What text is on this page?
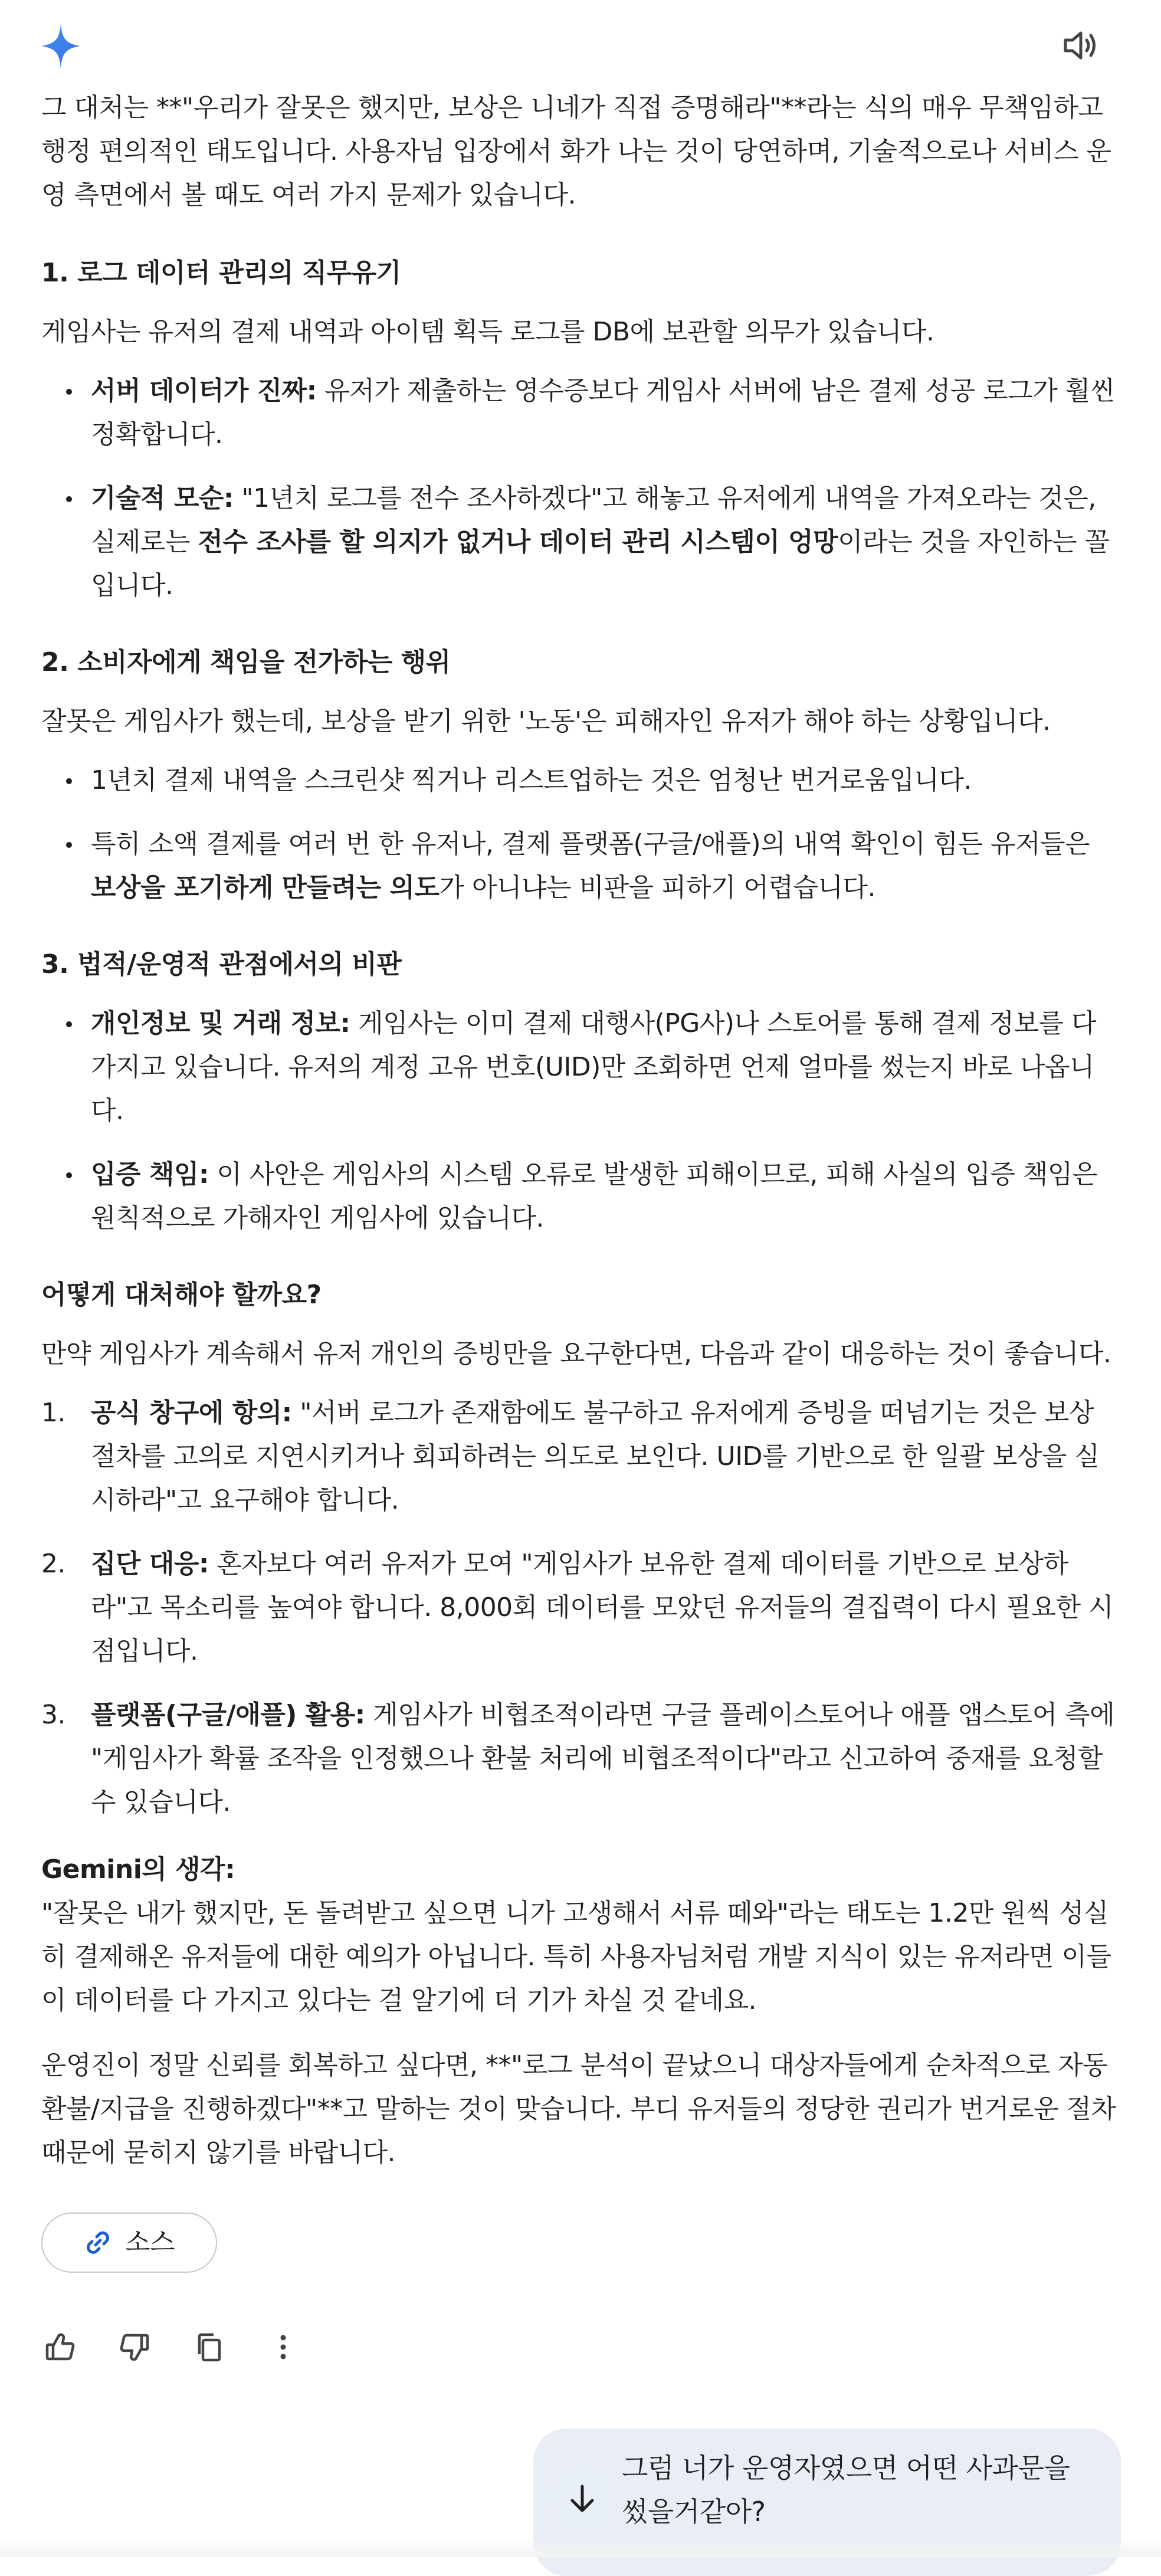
그 대처는 **"우리가 잘못은 했지만, 보상은 니네가 직접 증명해라"**라는 식의 매우 무책임하고 행정 편의적인 태도입니다. 사용자님 입장에서 화가 나는 것이 당연하며, 기술적으로나 서비스 운영 측면에서 볼 때도 여러 가지 문제가 있습니다.

1. 로그 데이터 관리의 직무유기

게임사는 유저의 결제 내역과 아이템 획득 로그를 DB에 보관할 의무가 있습니다.

서버 데이터가 진짜: 유저가 제출하는 영수증보다 게임사 서버에 남은 결제 성공 로그가 훨씬 정확합니다.
기술적 모순: "1년치 로그를 전수 조사하겠다"고 해놓고 유저에게 내역을 가져오라는 것은, 실제로는 전수 조사를 할 의지가 없거나 데이터 관리 시스템이 엉망이라는 것을 자인하는 꼴입니다.
2. 소비자에게 책임을 전가하는 행위

잘못은 게임사가 했는데, 보상을 받기 위한 '노동'은 피해자인 유저가 해야 하는 상황입니다.

1년치 결제 내역을 스크린샷 찍거나 리스트업하는 것은 엄청난 번거로움입니다.
특히 소액 결제를 여러 번 한 유저나, 결제 플랫폼(구글/애플)의 내역 확인이 힘든 유저들은 보상을 포기하게 만들려는 의도가 아니냐는 비판을 피하기 어렵습니다.
3. 법적/운영적 관점에서의 비판
개인정보 및 거래 정보: 게임사는 이미 결제 대행사(PG사)나 스토어를 통해 결제 정보를 다 가지고 있습니다. 유저의 계정 고유 번호(UID)만 조회하면 언제 얼마를 썼는지 바로 나옵니다.
입증 책임: 이 사안은 게임사의 시스템 오류로 발생한 피해이므로, 피해 사실의 입증 책임은 원칙적으로 가해자인 게임사에 있습니다.
어떻게 대처해야 할까요?

만약 게임사가 계속해서 유저 개인의 증빙만을 요구한다면, 다음과 같이 대응하는 것이 좋습니다.

1. 공식 창구에 항의: "서버 로그가 존재함에도 불구하고 유저에게 증빙을 떠넘기는 것은 보상 절차를 고의로 지연시키거나 회피하려는 의도로 보인다. UID를 기반으로 한 일괄 보상을 실시하라"고 요구해야 합니다.
2. 집단 대응: 혼자보다 여러 유저가 모여 "게임사가 보유한 결제 데이터를 기반으로 보상하라"고 목소리를 높여야 합니다. 8,000회 데이터를 모았던 유저들의 결집력이 다시 필요한 시점입니다.
3. 플랫폼(구글/애플) 활용: 게임사가 비협조적이라면 구글 플레이스토어나 애플 앱스토어 측에 "게임사가 확률 조작을 인정했으나 환불 처리에 비협조적이다"라고 신고하여 중재를 요청할 수 있습니다.

Gemini의 생각:
"잘못은 내가 했지만, 돈 돌려받고 싶으면 니가 고생해서 서류 떼와"라는 태도는 1.2만 원씩 성실히 결제해온 유저들에 대한 예의가 아닙니다. 특히 사용자님처럼 개발 지식이 있는 유저라면 이들이 데이터를 다 가지고 있다는 걸 알기에 더 기가 차실 것 같네요.

운영진이 정말 신뢰를 회복하고 싶다면, **"로그 분석이 끝났으니 대상자들에게 순차적으로 자동 환불/지급을 진행하겠다"**고 말하는 것이 맞습니다. 부디 유저들의 정당한 권리가 번거로운 절차 때문에 묻히지 않기를 바랍니다.

소스
그럼 너가 운영자였으면 어떤 사과문을 썼을거같아?
